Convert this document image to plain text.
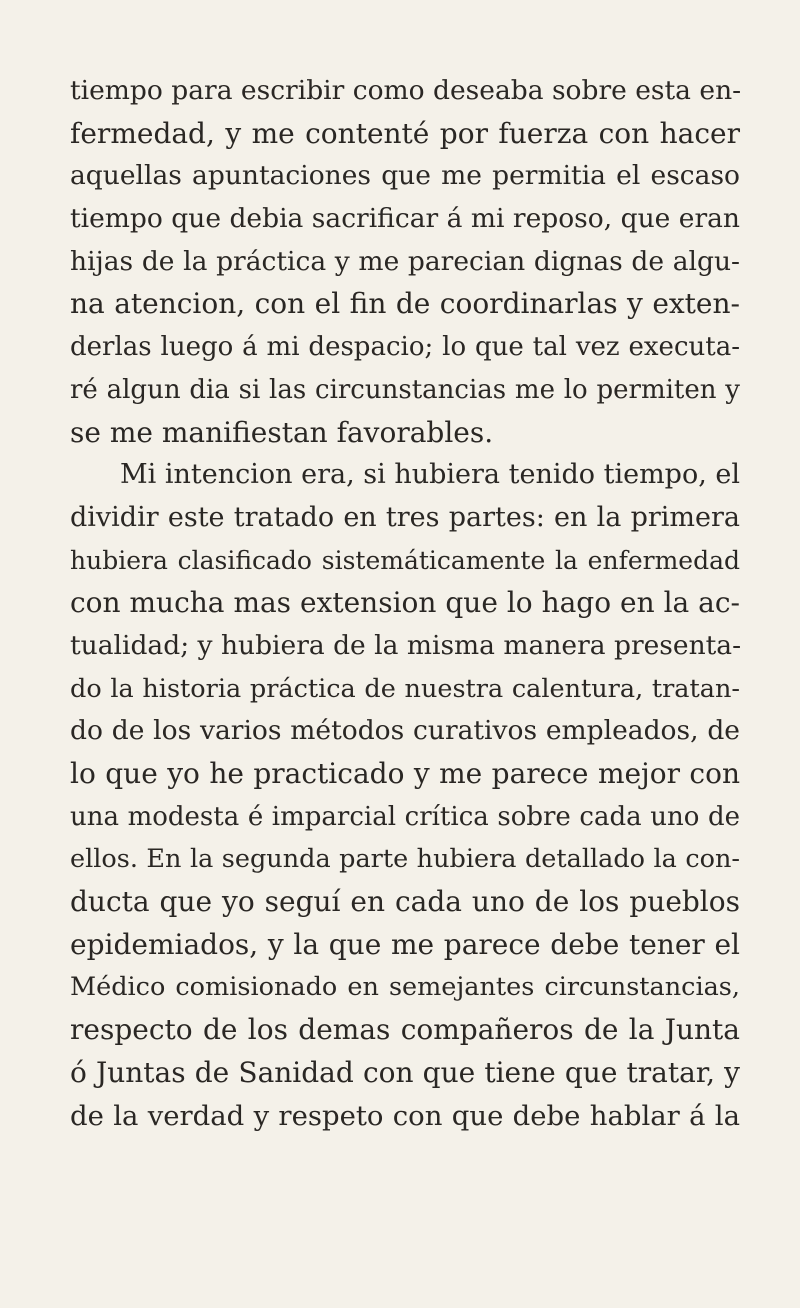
tiempo para escribir como deseaba sobre esta en-
fermedad, y me contenté por fuerza con hacer
aquellas apuntaciones que me permitia el escaso
tiempo que debia sacrificar á mi reposo, que eran
hijas de la práctica y me parecian dignas de algu-
na atencion, con el fin de coordinarlas y exten-
derlas luego á mi despacio; lo que tal vez executa-
ré algun dia si las circunstancias me lo permiten y
se me manifiestan favorables.
Mi intencion era, si hubiera tenido tiempo, el
dividir este tratado en tres partes: en la primera
hubiera clasificado sistemáticamente la enfermedad
con mucha mas extension que lo hago en la ac-
tualidad; y hubiera de la misma manera presenta-
do la historia práctica de nuestra calentura, tratan-
do de los varios métodos curativos empleados, de
lo que yo he practicado y me parece mejor con
una modesta é imparcial crítica sobre cada uno de
ellos. En la segunda parte hubiera detallado la con-
ducta que yo seguí en cada uno de los pueblos
epidemiados, y la que me parece debe tener el
Médico comisionado en semejantes circunstancias,
respecto de los demas compañeros de la Junta
ó Juntas de Sanidad con que tiene que tratar, y
de la verdad y respeto con que debe hablar á la
